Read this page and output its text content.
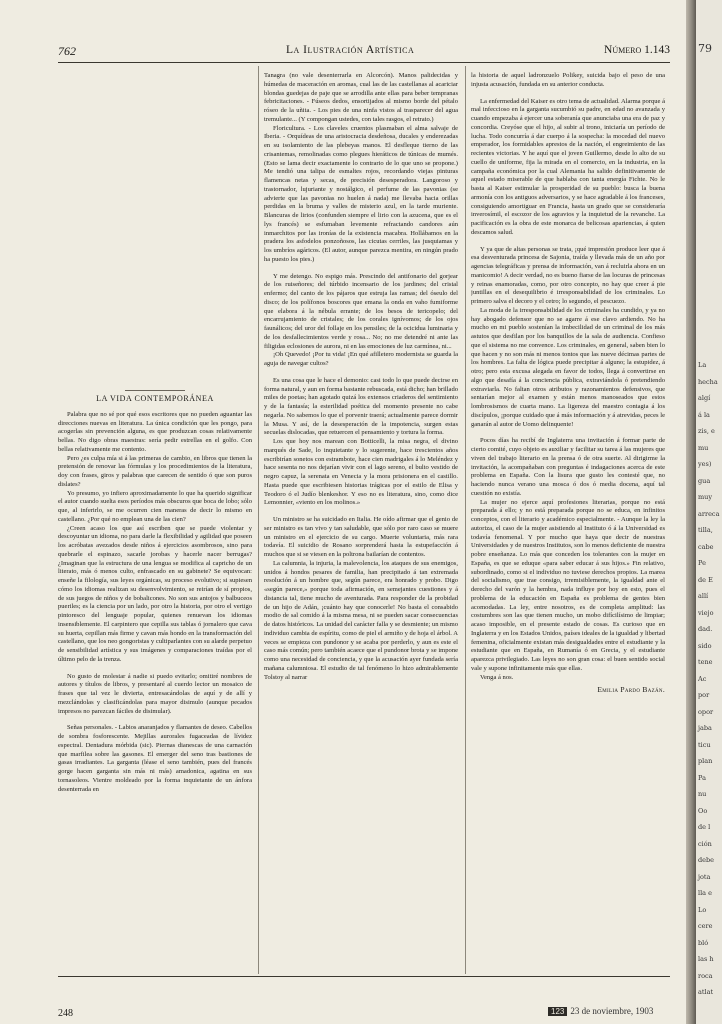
762	La Ilustración Artística	Número 1.143

LA VIDA CONTEMPORÁNEA

Palabra que no sé por qué esos escritores que no pueden aguantar las direcciones nuevas en literatura. La única condición que les pongo, para acogerlas sin prevención alguna, es que produzcan cosas relativamente bellas. No digo obras maestras: sería pedir estrellas en el golfo. Con bellas relativamente me contento.

Pero ¿es culpa mía si á las primeras de cambio, en libros que tienen la pretensión de renovar las fórmulas y los procedimientos de la literatura, doy con frases, giros y palabras que carecen de sentido ó que son puros dislates?

Yo presumo, yo infiero aproximadamente lo que ha querido significar el autor cuando suelta esos períodos más obscuros que boca de lobo; sólo que, al inferirlo, se me ocurren cien maneras de decir lo mismo en castellano. ¿Por qué no emplean una de las cien?

¿Creen acaso los que así escriben que se puede violentar y descoyuntar un idioma, no para darle la flexibilidad y agilidad que poseen los acróbatas avezados desde niños á ejercicios asombrosos, sino para quebrarle el espinazo, sacarle jorobas y hacerle nacer berrugas? ¿Imaginan que la estructura de una lengua se modifica al capricho de un literato, más ó menos culto, enfrascado en su gabinete? Se equivocan: enseñe la filología, sus leyes orgánicas, su proceso evolutivo; si supiesen cómo los idiomas realizan su desenvolvimiento, se reirían de sí propios, de sus juegos de niños y de bobalicones. No son sus antojos y balbuceos pueriles; es la ciencia por un lado, por otro la historia, por otro el vertigo pintoresco del lenguaje popular, quienes renuevan los idiomas insensiblemente. El carpintero que cepilla sus tablas ó jornalero que cava su huerta, cepillan más firme y cavan más hondo en la transformación del castellano, que los neo gongoristas y cultiparlantes con su alarde perpetuo de sensibilidad artística y sus imágenes y comparaciones traídas por el último pelo de la trenza.

No gusto de molestar á nadie si puedo evitarlo; omitiré nombres de autores y títulos de libros, y presentaré al cuerdo lector un mosaico de frases que tal vez le divierta, entresacándolas de aquí y de allí y mezclándolas y clasificándolas para mayor disimulo (aunque pecados impresos no parezcan fáciles de disimular).

Señas personales. - Labios anaranjados y flamantes de deseo. Cabellos de sombra fosforescente. Mejillas aurorales fugaceadas de lívidez espectral. Dentadura mórbida (sic). Piernas dianescas de una carnación que marfilea sobre las gasones. El emerger del seno tras bastiones de gasas irradiantes. La garganta (léase el seno también, pues del francés gorge hacen garganta sin más ni más) amadonica, agatina en sus tornasoleos. Vientre moldeado por la forma inquietante de un ánfora desenterrada en

Tanagra (no vale desenterrarla en Alcorcón). Manos palidecidas y húmedas de maceración en aromas, cual las de las castellanas al acariciar blondas guedejas de paje que se arrodilla ante ellas para beber tempranas febricitaciones. - Fúseos dedos, ensortijados al mismo borde del pétalo róseo de la uñita. - Los pies de una ninfa vistos al trasparecer del agua tremulante... (Y compongan ustedes, con tales rasgos, el retrato.)

Floricultura. - Los claveles cruentos plasmaban el alma salvaje de Iberia. - Orquídeas de una aristocracia desdeñosa, ducales y enderezadas en su isolamiento de las plebeyas manos. El desfleque tierno de las crisantemas, remolinadas como plegues hieráticos de túnicas de mumés. (Esto se lama decir exactamente lo contrario de lo que uno se propone.) Me tendió una talipa de esmaltes rojos, recordando viejas pinturas flamencas netas y secas, de precisión desesperadora. Langoroso y trastornador, lujuriante y nostálgico, el perfume de las pavonias (se advierte que las pavonias no huelen á nada) me llevaba hacia orillas perdidas en la bruma y valles de misterio azul, en la tarde muriente. Blancuras de lirios (confunden siempre el lirio con la azucena, que es el lys francés) se esfumaban levemente refractando candores aún inmarchitos por las ironías de la existencia macabra. Hollábamos en la pradera los asfodelos ponzoñosos, las cicutas cerriles, las jusquiamas y los umbríos agáricos. (El autor, aunque parezca mentira, en ningún prado ha puesto los pies.)

Y me detengo. No espigo más. Prescindo del antifonario del gorjear de los ruiseñores; del túrbido incensario de los jardines; del cristal enfermo; del canto de los pájaros que estruja las ramas; del óseulo del disco; de los polífonos boscores que emana la onda en vaho fumiforme que elabora á la nébula errante; de los besos de tericopelo; del encarrujamiento de cristales; de los corales ignívomos; de los ojos faunálicos; del uror del follaje en los pensiles; de la ocicidua luminaria y de los desfallecimientos verde y rosa... No; no me detendré ni ante las filigidas eclosiones de aurora, ni en las emociones de luz carmínea, ni...

¡Oh Quevedo! ¡Por tu vida! ¡En qué afilletero modernista se guarda la aguja de navegar cultos?

Es una cosa que le hace el demonio: casi todo lo que puede decirse en forma natural, y aun en forma bastante rebuscada, está dicho; han brillado miles de poetas; han agotado quizá los extensos criaderos del sentimiento y de la fantasía; la esterilidad poética del momento presente no cabe negarla. No sabemos lo que el porvenir traerá; actualmente parece dormir la Musa. Y así, de la desesperación de la impotencia, surgen estas secuelas dislocadas, que retuercen el pensamiento y tortura la forma.

Los que hoy nos marean con Botticelli, la misa negra, el divino marqués de Sade, lo inquietante y lo sugerente, hace trescientos años escribirían sonetos con estrambote, hace cien madrigales á lo Meléndez y hace sesenta no nos dejarían vivir con el lago sereno, el bulto vestido de negro capuz, la serenata en Venecia y la mora prisionera en el castillo. Hasta puede que escribiesen historias trágicas por el estilo de Elisa y Teodoro ó el Judío blenkeshor. Y eso no es literatura, sino, como dice Lemonnier, «viento en los molinos.»

Un ministro se ha suicidado en Italia. He oído afirmar que el genio de ser ministro es tan vivo y tan saludable, que sólo por raro caso se muere un ministro en el ejercicio de su cargo. Muerte voluntaria, más rara todavía. El suicidio de Rosano sorprenderá hasta la estupefacción á muchos que si se viesen en la poltrona bailarían de contentos.

La calumnia, la injuria, la malevolencia, los ataques de sus enemigos, unidos á hondos pesares de familia, han precipitado á tan extremada resolución á un hombre que, según parece, era honrado y probo. Digo «según parece,» porque toda afirmación, en semejantes cuestiones y á distancia tal, tiene mucho de aventurada. Para responder de la probidad de un hijo de Adán, ¡cuánto hay que conocerle! No basta el consabido modio de sal comido á la misma mesa, ni se pueden sacar consecuencias de datos históricos. La unidad del carácter falla y se desmiente; un mismo individuo cambia de espíritu, como de piel el armiño y de hoja el árbol. A veces se empieza con pundonor y se acaba por perderlo, y aun es este el caso más común; pero también acaece que el pundonor brota y se impone como una necesidad de conciencia, y que la acusación ayer fundada sería mañana calumniosa. El estudio de tal fenómeno lo hizo admirablemente Tolstoy al narrar

la historia de aquel ladronzuelo Polikey, suicida bajo el peso de una injusta acusación, fundada en su anterior conducta.

La enfermedad del Kaiser es otro tema de actualidad. Alarma porque á mal infeccioso en la garganta sucumbió su padre, en edad no avanzada y cuando empezaba á ejercer una soberanía que anunciaba una era de paz y concordia. Creyóse que el hijo, al subir al trono, iniciaría un período de lucha. Todo concurría á dar cuerpo á la sospecha: la mocedad del nuevo emperador, los formidables aprestos de la nación, el engreimiento de las recientes victorias. Y he aquí que el joven Guillermo, desde lo alto de su cuello de uniforme, fija la mirada en el comercio, en la industria, en la campaña económica por la cual Alemania ha salido definitivamente de aquel estado miserable de que hablaba con tanta energía Fichte. No le basta al Kaiser estimular la prosperidad de su pueblo: busca la buena armonía con los antiguos adversarios, y se hace agradable á los franceses, consiguiendo amortiguar en Francia, hasta un grado que se consideraría inverosímil, el escozor de los agravios y la inquietud de la revanche. La pacificación es la obra de este monarca de belicosas apariencias, á quien descamos salud.

Y ya que de altas personas se trata, ¡qué impresión produce leer que á esa desventurada princesa de Sajonia, traída y llevada más de un año por agencias telegráficas y prensa de información, van á recluirla ahora en un manicomio! A decir verdad, no es bueno fiarse de las locuras de princesas y reinas enamoradas, como, por otro concepto, no hay que creer á pie juntillas en el desequilibrio é irresponsabilidad de los criminales. Lo primero salva el decoro y el cetro; lo segundo, el pescuezo.

La moda de la irresponsabilidad de los criminales ha cundido, y ya no hay abogado defensor que no se agarre á ese clavo ardiendo. No ha mucho en mi pueblo sostenían la imbecilidad de un criminal de los más astutos que desfilan por los banquillos de la sala de audiencia. Confieso que el sistema no me convence. Los criminales, en general, saben bien lo que hacen y no son más ni menos tontos que las nueve décimas partes de los hombres. La falta de lógica puede precipitar á alguno; la estupidez, á otro; pero esta excusa alegada en favor de todos, llega á convertirse en algo que desafía á la conciencia pública, extraviándola ó pretendiendo extraviarla. No faltan otros atributos y razonamientos defensivos, que sentarían mejor al examen y están menos manoseados que estos lombrosismos de cuarta mano. La ligereza del maestro contagia á los discípulos, ¡porque cuidado que á más información y á atrevidas, peces le ganarán al autor de Uomo delinquente!

Pocos días ha recibí de Inglaterra una invitación á formar parte de cierto comité, cuyo objeto es auxiliar y facilitar su tarea á las mujeres que viven del trabajo literario en la prensa ó de otra suerte. Al dirigirme la invitación, la acompañaban con preguntas é indagaciones acerca de este problema en España. Con la lisura que gusto les contesté que, no haciendo nunca verano una mosca ó dos ó media docena, aquí tal cuestión no existía.

La mujer no ejerce aquí profesiones literarias, porque no está preparada á ello; y no está preparada porque no se educa, en infinitos conceptos, con el literario y académico especialmente. - Aunque la ley la autoriza, el caso de la mujer asistiendo al Instituto ó á la Universidad es todavía fenomenal. Y por mucho que haya que decir de nuestras Universidades y de nuestros Institutos, son lo menos deficiente de nuestra pobre enseñanza. Lo más que conceden los tolerantes con la mujer en España, es que se eduque «para saber educar á sus hijos.» Fin relativo, subordinado, como si el individuo no tuviese derechos propios. La marea del socialismo, que trae consigo, irremisiblemente, la igualdad ante el derecho del varón y la hembra, nada influye por hoy en esto, pues el problema de la educación en España es problema de gentes bien acomodadas. La ley, entre nosotros, es de completa amplitud: las costumbres son las que tienen mucho, un mobo difícilísimo de limpiar; acaso imposible, en el presente estado de cosas. Es curioso que en Inglaterra y en los Estados Unidos, países ideales de la igualdad y libertad femenina, oficialmente existan más desigualdades entre el estudiante y la estudiante que en España, en Rumanía ó en Grecia, y el estudiante aparezca privilegiado. Las leyes no son gran cosa: el buen sentido social vale y supone infinitamente más que ellas.

Venga á nos.

Emilia Pardo Bazán.

248	123 23 de noviembre, 1903
79
La
hecha
algí
á la
zis, e
mu
yes)
gua
muy
arreca
tilla,
cabe
Pe
de E
allí
viejo
dad.
sido
tene
Ac
por
opor
jaba
ticu
plan
Pa
nu
Oo
de l
ción
debe
jota
lla e
Lo
cere
bló
las h
roca
atlat
